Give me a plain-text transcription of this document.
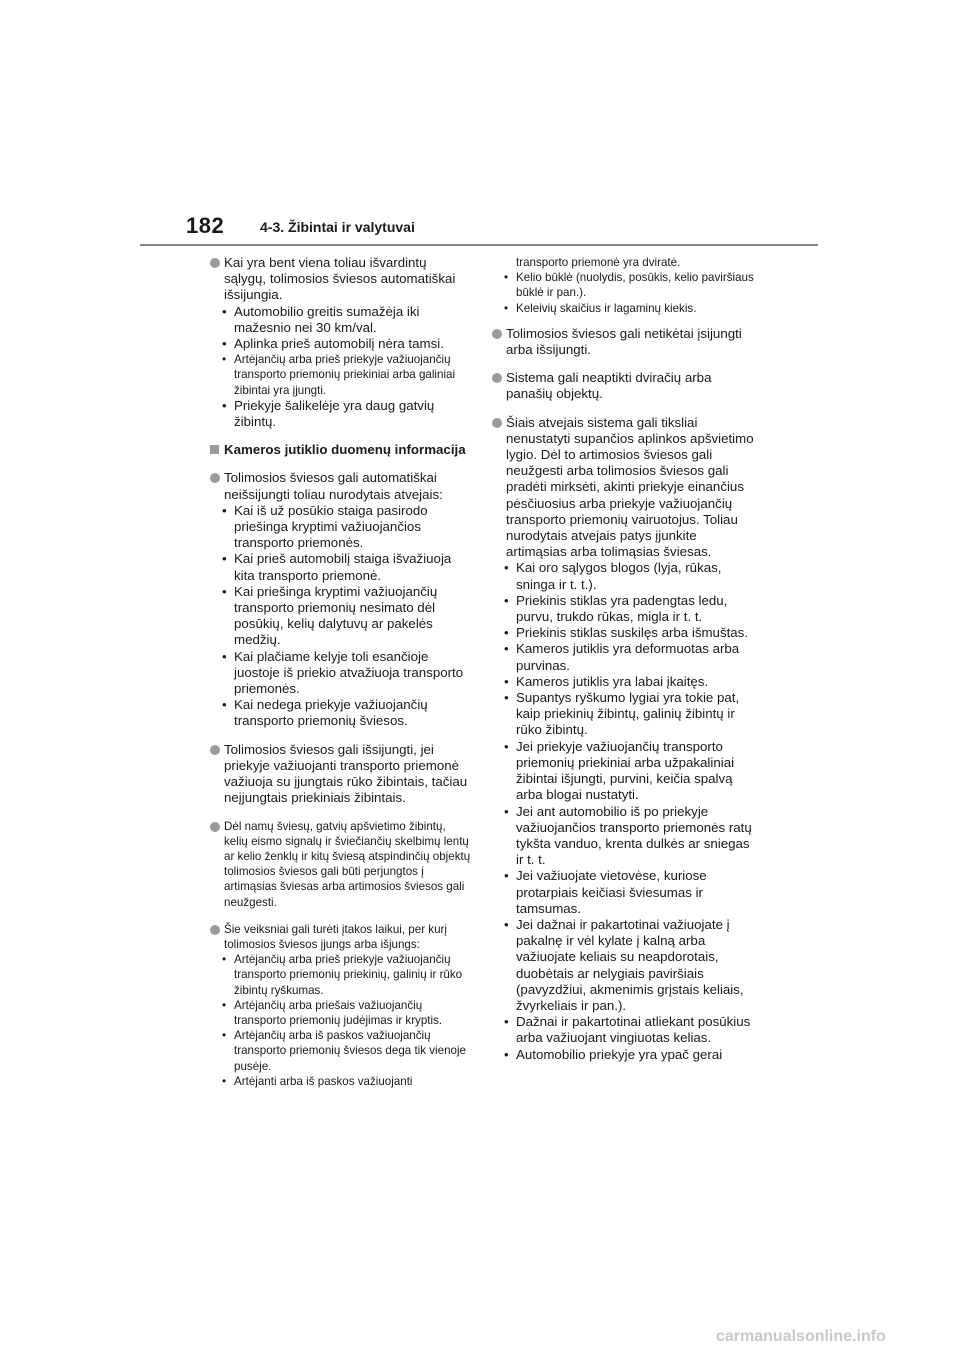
182	4-3. Žibintai ir valytuvai
Kai yra bent viena toliau išvardintų sąlygų, tolimosios šviesos automatiškai išsijungia.
• Automobilio greitis sumažėja iki mažesnio nei 30 km/val.
• Aplinka prieš automobilį nėra tamsi.
• Artėjančių arba prieš priekyje važiuojančių transporto priemonių priekiniai arba galiniai žibintai yra įjungti.
• Priekyje šalikelėje yra daug gatvių žibintų.
Kameros jutiklio duomenų informacija
Tolimosios šviesos gali automatiškai neišsijungti toliau nurodytais atvejais:
• Kai iš už posūkio staiga pasirodo priešinga kryptimi važiuojančios transporto priemonės.
• Kai prieš automobilį staiga išvažiuoja kita transporto priemonė.
• Kai priešinga kryptimi važiuojančių transporto priemonių nesimato dėl posūkių, kelių dalytuvų ar pakelės medžių.
• Kai plačiame kelyje toli esančioje juostoje iš priekio atvažiuoja transporto priemonės.
• Kai nedega priekyje važiuojančių transporto priemonių šviesos.
Tolimosios šviesos gali išsijungti, jei priekyje važiuojanti transporto priemonė važiuoja su įjungtais rūko žibintais, tačiau neįjungtais priekiniais žibintais.
Dėl namų šviesų, gatvių apšvietimo žibintų, kelių eismo signalų ir šviečiančių skelbimų lentų ar kelio ženklų ir kitų šviesą atspindinčių objektų tolimosios šviesos gali būti perjungtos į artimąsias šviesas arba artimosios šviesos gali neužgesti.
Šie veiksniai gali turėti įtakos laikui, per kurį tolimosios šviesos įjungs arba išjungs:
• Artėjančių arba prieš priekyje važiuojančių transporto priemonių priekinių, galinių ir rūko žibintų ryškumas.
• Artėjančių arba priešais važiuojančių transporto priemonių judėjimas ir kryptis.
• Artėjančių arba iš paskos važiuojančių transporto priemonių šviesos dega tik vienoje pusėje.
• Artėjanti arba iš paskos važiuojanti
transporto priemonė yra dviratė.
• Kelio būklė (nuolydis, posūkis, kelio paviršiaus būklė ir pan.).
• Keleivių skaičius ir lagaminų kiekis.
Tolimosios šviesos gali netikėtai įsijungti arba išsijungti.
Sistema gali neaptikti dviračių arba panašių objektų.
Šiais atvejais sistema gali tiksliai nenustatyti supančios aplinkos apšvietimo lygio. Dėl to artimosios šviesos gali neužgesti arba tolimosios šviesos gali pradėti mirksėti, akinti priekyje einančius pėsčiuosius arba priekyje važiuojančių transporto priemonių vairuotojus. Toliau nurodytais atvejais patys įjunkite artimąsias arba tolimąsias šviesas.
• Kai oro sąlygos blogos (lyja, rūkas, sninga ir t. t.).
• Priekinis stiklas yra padengtas ledu, purvu, trukdo rūkas, migla ir t. t.
• Priekinis stiklas suskilęs arba išmuštas.
• Kameros jutiklis yra deformuotas arba purvinas.
• Kameros jutiklis yra labai įkaitęs.
• Supantys ryškumo lygiai yra tokie pat, kaip priekinių žibintų, galinių žibintų ir rūko žibintų.
• Jei priekyje važiuojančių transporto priemonių priekiniai arba užpakaliniai žibintai išjungti, purvini, keičia spalvą arba blogai nustatyti.
• Jei ant automobilio iš po priekyje važiuojančios transporto priemonės ratų tykšta vanduo, krenta dulkės ar sniegas ir t. t.
• Jei važiuojate vietovėse, kuriose protarpiais keičiasi šviesumas ir tamsumas.
• Jei dažnai ir pakartotinai važiuojate į pakalnę ir vėl kylate į kalną arba važiuojate keliais su neapdorotais, duobėtais ar nelygiais paviršiais (pavyzdžiui, akmenimis grįstais keliais, žvyrkeliais ir pan.).
• Dažnai ir pakartotinai atliekant posūkius arba važiuojant vingiuotas kelias.
• Automobilio priekyje yra ypač gerai
carmanualsonline.info
